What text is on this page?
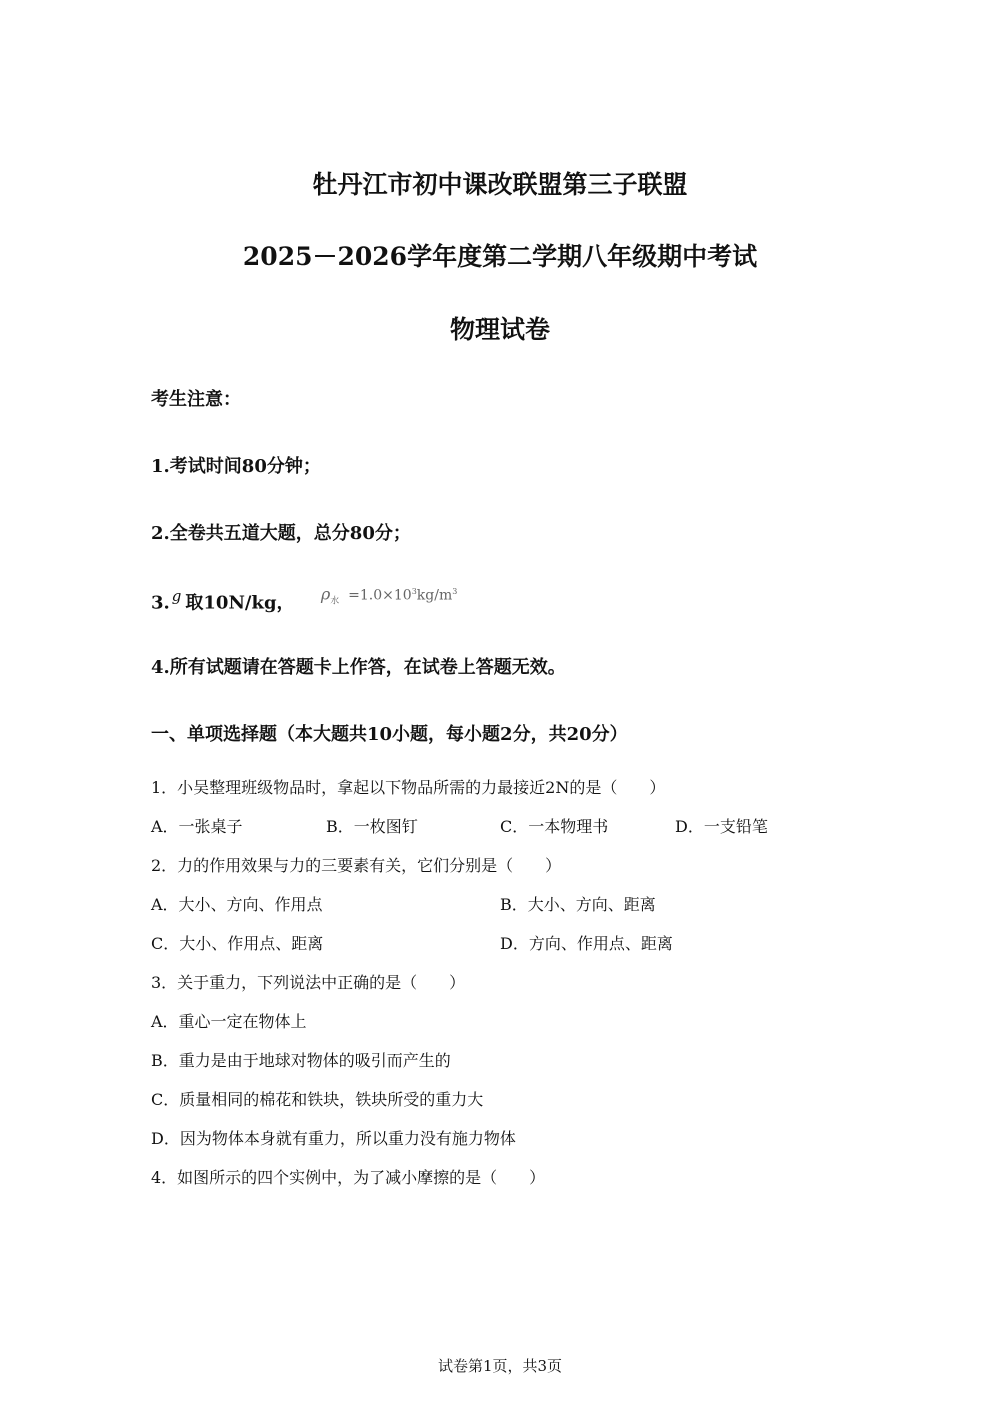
牡丹江市初中课改联盟第三子联盟
2025－2026学年度第二学期八年级期中考试
物理试卷
考生注意：
1.考试时间80分钟；
2.全卷共五道大题，总分80分；
3. $^g$ 取10N/kg， $\rho_水 =1.0\times 10^3kg/m^3$
4.所有试题请在答题卡上作答，在试卷上答题无效。
一、单项选择题（本大题共10小题，每小题2分，共20分）
1．小吴整理班级物品时，拿起以下物品所需的力最接近2N的是（　　）
A．一张桌子	B．一枚图钉	C．一本物理书	D．一支铅笔
2．力的作用效果与力的三要素有关，它们分别是（　　）
A．大小、方向、作用点	B．大小、方向、距离
C．大小、作用点、距离	D．方向、作用点、距离
3．关于重力，下列说法中正确的是（　　）
A．重心一定在物体上
B．重力是由于地球对物体的吸引而产生的
C．质量相同的棉花和铁块，铁块所受的重力大
D．因为物体本身就有重力，所以重力没有施力物体
4．如图所示的四个实例中，为了减小摩擦的是（　　）
试卷第1页，共3页
